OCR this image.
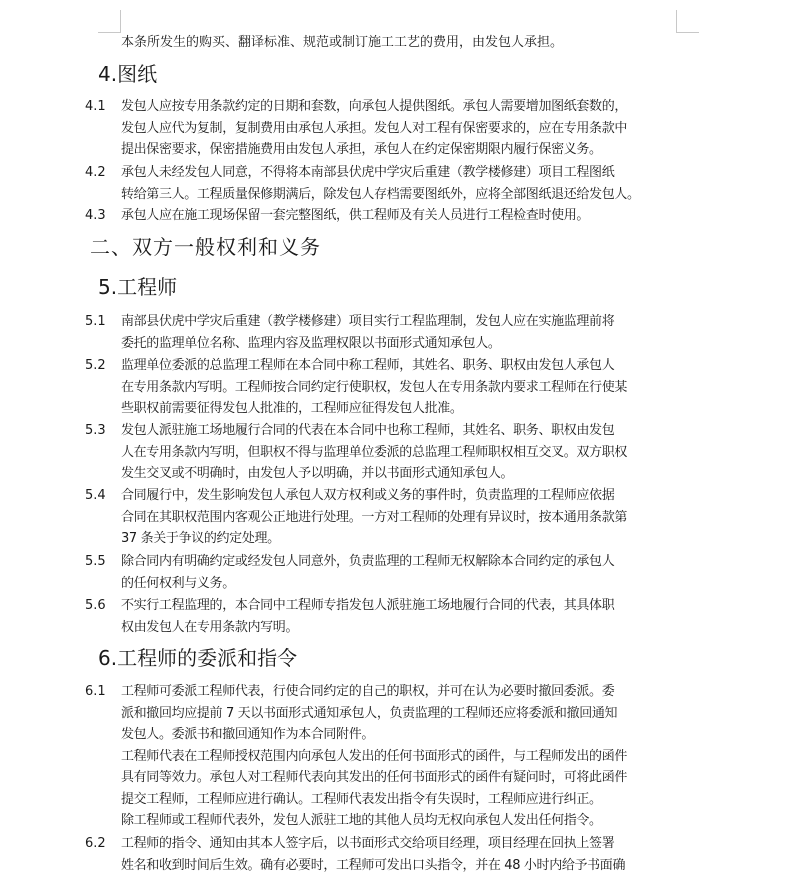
本条所发生的购买、翻译标准、规范或制订施工工艺的费用，由发包人承担。
4.图纸
4.1	发包人应按专用条款约定的日期和套数，向承包人提供图纸。承包人需要增加图纸套数的，
发包人应代为复制，复制费用由承包人承担。发包人对工程有保密要求的，应在专用条款中
提出保密要求，保密措施费用由发包人承担，承包人在约定保密期限内履行保密义务。
4.2	承包人未经发包人同意，不得将本南部县伏虎中学灾后重建（教学楼修建）项目工程图纸
转给第三人。工程质量保修期满后，除发包人存档需要图纸外，应将全部图纸退还给发包人。
4.3	承包人应在施工现场保留一套完整图纸，供工程师及有关人员进行工程检查时使用。
二、双方一般权利和义务
5.工程师
5.1	南部县伏虎中学灾后重建（教学楼修建）项目实行工程监理制，发包人应在实施监理前将
委托的监理单位名称、监理内容及监理权限以书面形式通知承包人。
5.2	监理单位委派的总监理工程师在本合同中称工程师，其姓名、职务、职权由发包人承包人
在专用条款内写明。工程师按合同约定行使职权，发包人在专用条款内要求工程师在行使某
些职权前需要征得发包人批准的，工程师应征得发包人批准。
5.3	发包人派驻施工场地履行合同的代表在本合同中也称工程师，其姓名、职务、职权由发包
人在专用条款内写明，但职权不得与监理单位委派的总监理工程师职权相互交叉。双方职权
发生交叉或不明确时，由发包人予以明确，并以书面形式通知承包人。
5.4	合同履行中，发生影响发包人承包人双方权利或义务的事件时，负责监理的工程师应依据
合同在其职权范围内客观公正地进行处理。一方对工程师的处理有异议时，按本通用条款第
37 条关于争议的约定处理。
5.5	除合同内有明确约定或经发包人同意外，负责监理的工程师无权解除本合同约定的承包人
的任何权利与义务。
5.6	不实行工程监理的，本合同中工程师专指发包人派驻施工场地履行合同的代表，其具体职
权由发包人在专用条款内写明。
6.工程师的委派和指令
6.1	工程师可委派工程师代表，行使合同约定的自己的职权，并可在认为必要时撤回委派。委
派和撤回均应提前 7 天以书面形式通知承包人，负责监理的工程师还应将委派和撤回通知
发包人。委派书和撤回通知作为本合同附件。
工程师代表在工程师授权范围内向承包人发出的任何书面形式的函件，与工程师发出的函件
具有同等效力。承包人对工程师代表向其发出的任何书面形式的函件有疑问时，可将此函件
提交工程师，工程师应进行确认。工程师代表发出指令有失误时，工程师应进行纠正。
除工程师或工程师代表外，发包人派驻工地的其他人员均无权向承包人发出任何指令。
6.2	工程师的指令、通知由其本人签字后，以书面形式交给项目经理，项目经理在回执上签署
姓名和收到时间后生效。确有必要时，工程师可发出口头指令，并在 48 小时内给予书面确
